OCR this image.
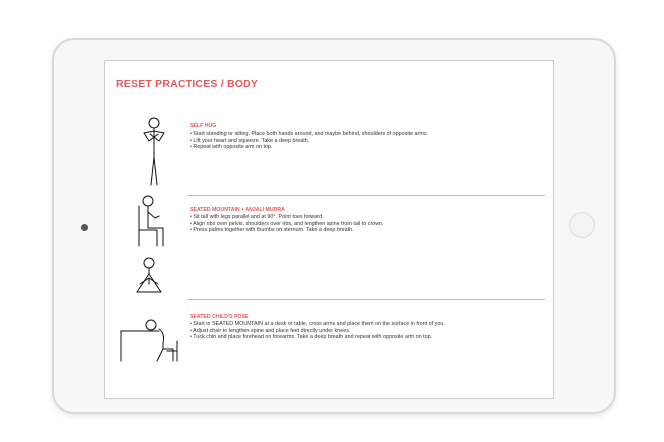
RESET PRACTICES / BODY
SELF HUG
• Start standing or sitting. Place both hands around, and maybe behind, shoulders of opposite arms.
• Lift your heart and squeeze. Take a deep breath.
• Repeat with opposite arm on top.
SEATED MOUNTAIN + ANJALI MUDRA
• Sit tall with legs parallel and at 90°. Point toes forward.
• Align ribs over pelvis, shoulders over ribs, and lengthen spine from tail to crown.
• Press palms together with thumbs on sternum. Take a deep breath.
SEATED CHILD'S POSE
• Start in SEATED MOUNTAIN at a desk or table, cross arms and place them on the surface in front of you.
• Adjust chair to lengthen spine and place feet directly under knees.
• Tuck chin and place forehead on forearms. Take a deep breath and repeat with opposite arm on top.
